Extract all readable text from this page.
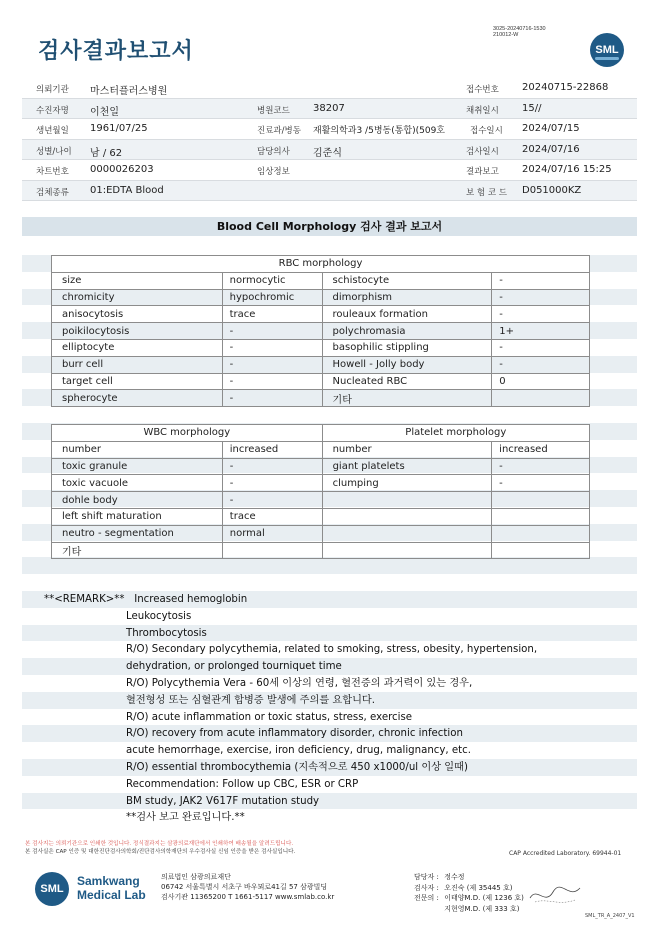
3025-20240716-1530
210012-W
검사결과보고서	SML
의뢰기관 마스터플러스병원	접수번호 20240715-22868
수진자명 이천일	병원코드 38207	채취일시 15//
생년월일 1961/07/25	진료과/병동 재활의학과3 /5병동(통합)(509호	접수일시 2024/07/15
성별/나이 남 / 62	담당의사 김준식	검사일시 2024/07/16
차트번호 0000026203	임상정보	결과보고 2024/07/16 15:25
검체종류 01:EDTA Blood	보 험 코 드 D051000KZ
Blood Cell Morphology 검사 결과 보고서
RBC morphology			
size	normocytic	schistocyte	-
chromicity	hypochromic	dimorphism	-
anisocytosis	trace	rouleaux formation	-
poikilocytosis	-	polychromasia	1+
elliptocyte	-	basophilic stippling	-
burr cell	-	Howell - Jolly body	-
target cell	-	Nucleated RBC	0
spherocyte	-	기타	
WBC morphology		Platelet morphology	
number	increased	number	increased
toxic granule	-	giant platelets	-
toxic vacuole	-	clumping	-
dohle body	-		
left shift maturation	trace		
neutro - segmentation	normal		
기타			
**<REMARK>** Increased hemoglobin
Leukocytosis
Thrombocytosis
R/O) Secondary polycythemia, related to smoking, stress, obesity, hypertension,
dehydration, or prolonged tourniquet time
R/O) Polycythemia Vera - 60세 이상의 연령, 혈전증의 과거력이 있는 경우,
혈전형성 또는 심혈관계 합병증 발생에 주의를 요합니다.
R/O) acute inflammation or toxic status, stress, exercise
R/O) recovery from acute inflammatory disorder, chronic infection
acute hemorrhage, exercise, iron deficiency, drug, malignancy, etc.
R/O) essential thrombocythemia (지속적으로 450 x1000/ul 이상 일때)
Recommendation: Follow up CBC, ESR or CRP
BM study, JAK2 V617F mutation study
**검사 보고 완료입니다.**
본 검사지는 의뢰기관으로 인쇄한 것입니다. 정식결과지는 삼광의료재단에서 인쇄하여 배송될을 알려드립니다.
본 검사실은 CAP 인증 및 대한진단검사의학회/진단검사의학재단의 우수검사실 신임 인증을 받은 검사실입니다.	CAP Accredited Laboratory. 69944-01
SML
Samkwang
Medical Lab
의료법인 삼광의료재단
06742 서울특별시 서초구 바우뫼로41길 57 삼광빌딩
검사기관 11365200 T 1661-5117 www.smlab.co.kr
담당자 : 정수정
검사자 : 오진숙 (제 35445 호)
전문의 : 이태양M.D. (제 1236 호)
지현영M.D. (제 333 호)
SML_TR_A_2407_V1
